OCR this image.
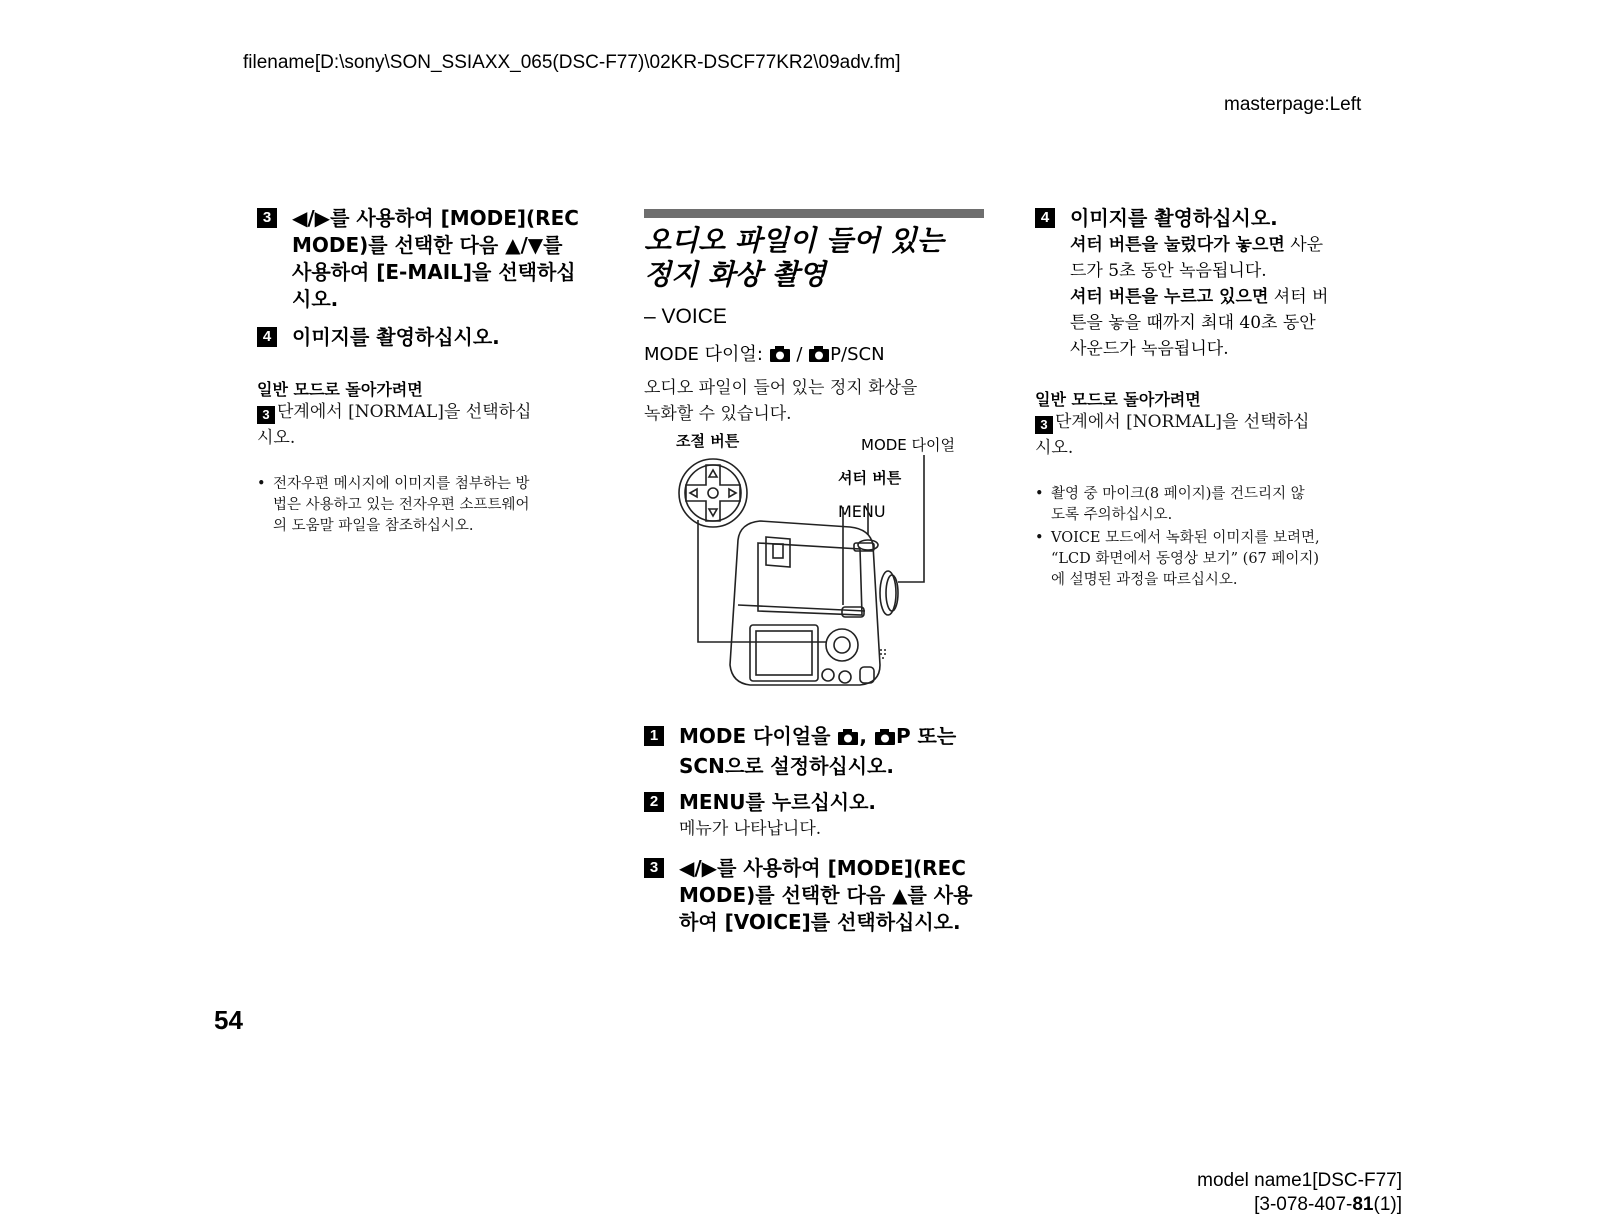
filename[D:\sony\SON_SSIAXX_065(DSC-F77)\02KR-DSCF77KR2\09adv.fm]
masterpage:Left
3 ◀/▶를 사용하여 [MODE](REC
MODE)를 선택한 다음 ▲/▼를
사용하여 [E-MAIL]을 선택하십
시오.
4 이미지를 촬영하십시오.
일반 모드로 돌아가려면
3 단계에서 [NORMAL]을 선택하십
시오.
• 전자우편 메시지에 이미지를 첨부하는 방
법은 사용하고 있는 전자우편 소프트웨어
의 도움말 파일을 참조하십시오.
오디오 파일이 들어 있는
정지 화상 촬영
– VOICE
MODE 다이얼:  / P/SCN
오디오 파일이 들어 있는 정지 화상을
녹화할 수 있습니다.
조절 버튼	MODE 다이얼
셔터 버튼
MENU
1 MODE 다이얼을 , P 또는
SCN으로 설정하십시오.
2 MENU를 누르십시오.
메뉴가 나타납니다.
3 ◀/▶를 사용하여 [MODE](REC
MODE)를 선택한 다음 ▲를 사용
하여 [VOICE]를 선택하십시오.
4 이미지를 촬영하십시오.
셔터 버튼을 눌렀다가 놓으면 사운
드가 5초 동안 녹음됩니다.
셔터 버튼을 누르고 있으면 셔터 버
튼을 놓을 때까지 최대 40초 동안
사운드가 녹음됩니다.
일반 모드로 돌아가려면
3 단계에서 [NORMAL]을 선택하십
시오.
• 촬영 중 마이크(8 페이지)를 건드리지 않
도록 주의하십시오.
• VOICE 모드에서 녹화된 이미지를 보려면,
“LCD 화면에서 동영상 보기” (67 페이지)
에 설명된 과정을 따르십시오.
54
model name1[DSC-F77]
[3-078-407-81(1)]
